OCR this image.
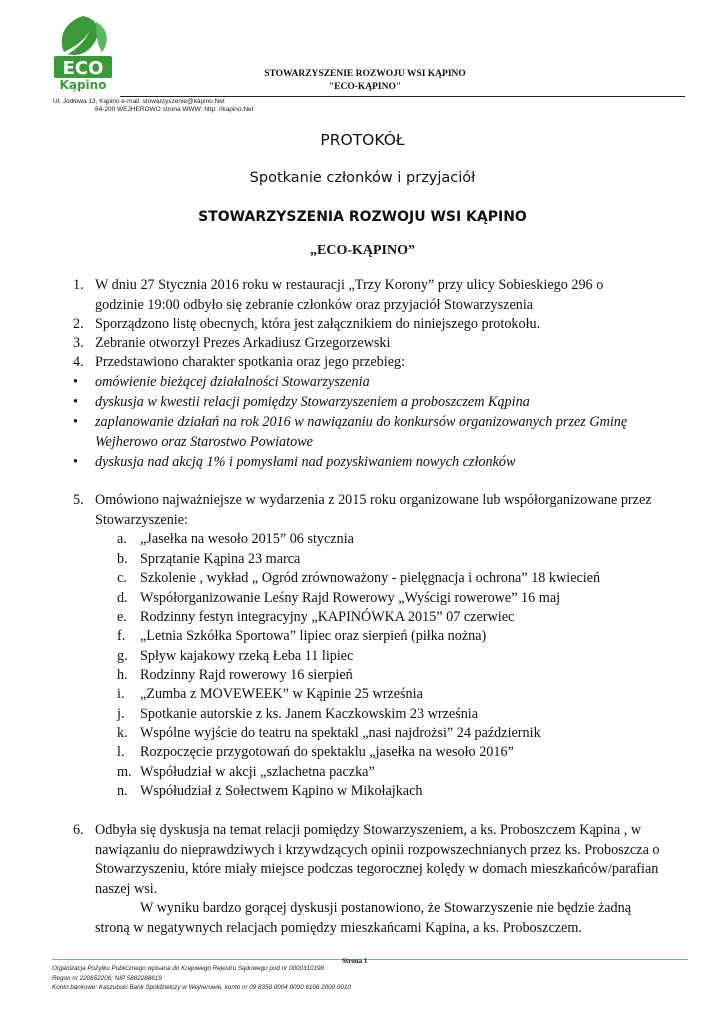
ECO
Kąpino
STOWARZYSZENIE ROZWOJU WSI KĄPINO
"ECO-KĄPINO"
Ul. Jodłowa 13, Kąpino e-mail: stowarzyszenie@kapino.Net
84-200 WEJHEROWO strona WWW: http: //kapino.Net
PROTOKÓŁ
Spotkanie członków i przyjaciół
STOWARZYSZENIA ROZWOJU WSI KĄPINO
„ECO-KĄPINO”
1. W dniu 27 Stycznia 2016 roku w restauracji „Trzy Korony” przy ulicy Sobieskiego 296 o
godzinie 19:00 odbyło się zebranie członków oraz przyjaciół Stowarzyszenia
2. Sporządzono listę obecnych, która jest załącznikiem do niniejszego protokołu.
3. Zebranie otworzył Prezes Arkadiusz Grzegorzewski
4. Przedstawiono charakter spotkania oraz jego przebieg:
• omówienie bieżącej działalności Stowarzyszenia
• dyskusja w kwestii relacji pomiędzy Stowarzyszeniem a proboszczem Kąpina
• zaplanowanie działań na rok 2016 w nawiązaniu do konkursów organizowanych przez Gminę
Wejherowo oraz Starostwo Powiatowe
• dyskusja nad akcją 1% i pomysłami nad pozyskiwaniem nowych członków
5. Omówiono najważniejsze w wydarzenia z 2015 roku organizowane lub współorganizowane przez
Stowarzyszenie:
a. „Jasełka na wesoło 2015” 06 stycznia
b. Sprzątanie Kąpina 23 marca
c. Szkolenie , wykład „ Ogród zrównoważony - pielęgnacja i ochrona” 18 kwiecień
d. Współorganizowanie Leśny Rajd Rowerowy „Wyścigi rowerowe” 16 maj
e. Rodzinny festyn integracyjny „KAPINÓWKA 2015” 07 czerwiec
f. „Letnia Szkółka Sportowa” lipiec oraz sierpień (piłka nożna)
g. Spływ kajakowy rzeką Łeba 11 lipiec
h. Rodzinny Rajd rowerowy 16 sierpień
i. „Zumba z MOVEWEEK” w Kąpinie 25 września
j. Spotkanie autorskie z ks. Janem Kaczkowskim 23 września
k. Wspólne wyjście do teatru na spektakl „nasi najdrożsi” 24 październik
l. Rozpoczęcie przygotowań do spektaklu „jasełka na wesoło 2016”
m. Współudział w akcji „szlachetna paczka”
n. Współudział z Sołectwem Kąpino w Mikołajkach
6. Odbyła się dyskusja na temat relacji pomiędzy Stowarzyszeniem, a ks. Proboszczem Kąpina , w
nawiązaniu do nieprawdziwych i krzywdzących opinii rozpowszechnianych przez ks. Proboszcza o
Stowarzyszeniu, które miały miejsce podczas tegorocznej kolędy w domach mieszkańców/parafian
naszej wsi.
W wyniku bardzo gorącej dyskusji postanowiono, że Stowarzyszenie nie będzie żadną
stroną w negatywnych relacjach pomiędzy mieszkańcami Kąpina, a ks. Proboszczem.
Strona 1
Organizacja Pożytku Publicznego wpisana do Krajowego Rejestru Sądowego pod nr 0000310198
Regon nr 220652206; NIP 5882288619
Konto bankowe: Kaszubski Bank Spółdzielczy w Wejherowie, konto nr 09 8350 0004 0000 6106 2000 0010
